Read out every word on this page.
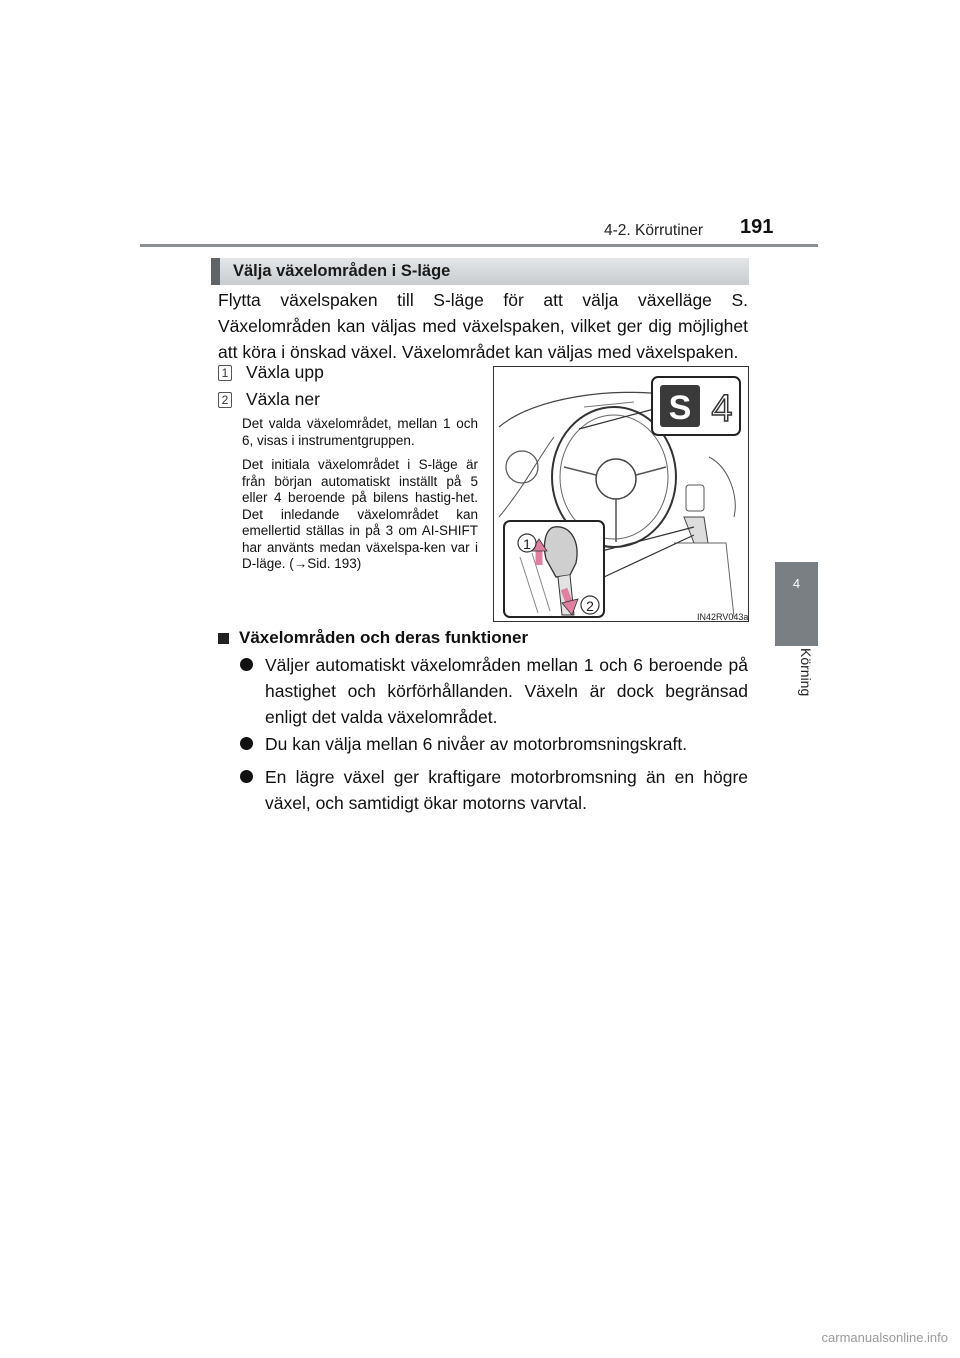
4-2. Körrutiner 191
4
Körning
Välja växelområden i S-läge
Flytta växelspaken till S-läge för att välja växelläge S. Växelområden kan väljas med växelspaken, vilket ger dig möjlighet att köra i önskad växel. Växelområdet kan väljas med växelspaken.
1 Växla upp
2 Växla ner
Det valda växelområdet, mellan 1 och 6, visas i instrumentgruppen.
Det initiala växelområdet i S-läge är från början automatiskt inställt på 5 eller 4 beroende på bilens hastig-het. Det inledande växelområdet kan emellertid ställas in på 3 om AI-SHIFT har använts medan växelspa-ken var i D-läge. (→Sid. 193)
S 4
1
2
IN42RV043a
Växelområden och deras funktioner
Väljer automatiskt växelområden mellan 1 och 6 beroende på hastighet och körförhållanden. Växeln är dock begränsad enligt det valda växelområdet.
Du kan välja mellan 6 nivåer av motorbromsningskraft.
En lägre växel ger kraftigare motorbromsning än en högre växel, och samtidigt ökar motorns varvtal.
carmanualsonline.info
